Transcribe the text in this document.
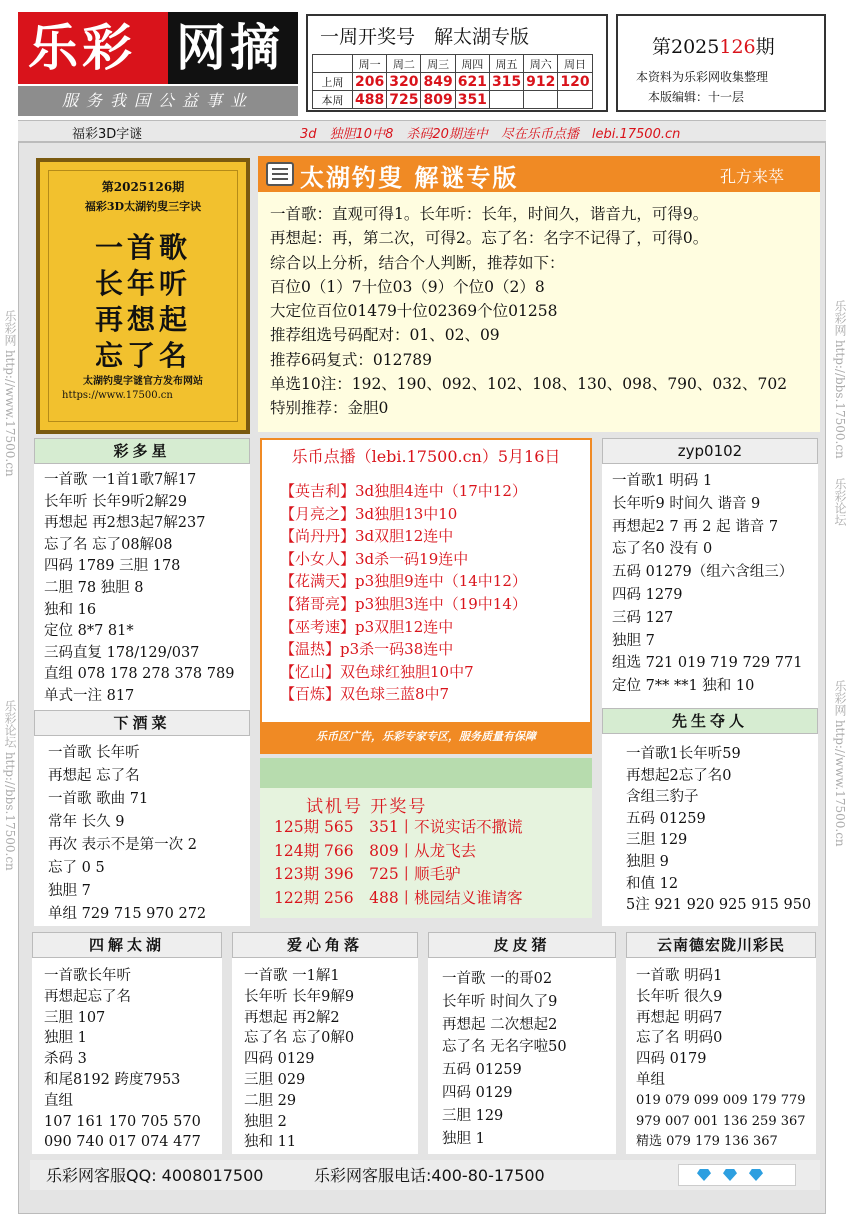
乐彩 网摘
服务我国公益事业
一周开奖号　解太湖专版
	周一	周二	周三	周四	周五	周六	周日
上周	206	320	849	621	315	912	120
本周	488	725	809	351			
第2025126期
本资料为乐彩网收集整理
本版编辑：十一层
福彩3D字谜	3d　独胆10中8　杀码20期连中　尽在乐币点播　lebi.17500.cn
乐彩网 http://www.17500.cn
乐彩论坛 http://bbs.17500.cn
乐彩网 http://bbs.17500.cn
乐彩论坛
乐彩网 http://www.17500.cn
第2025126期
福彩3D太湖钓叟三字诀
一首歌
长年听
再想起
忘了名
太湖钓叟字谜官方发布网站
https://www.17500.cn
太湖钓叟 解谜专版	孔方来萃
一首歌：直观可得1。长年听：长年，时间久，谐音九，可得9。
再想起：再，第二次，可得2。忘了名：名字不记得了，可得0。
综合以上分析，结合个人判断，推荐如下：
百位0（1）7十位03（9）个位0（2）8
大定位百位01479十位02369个位01258
推荐组选号码配对：01、02、09
推荐6码复式：012789
单选10注：192、190、092、102、108、130、098、790、032、702
特别推荐：金胆0
彩多星
一首歌 一1首1歌7解17
长年听 长年9听2解29
再想起 再2想3起7解237
忘了名 忘了08解08
四码 1789 三胆 178
二胆 78 独胆 8
独和 16
定位 8*7 81*
三码直复 178/129/037
直组 078 178 278 378 789
单式一注 817
下酒菜
一首歌 长年听
再想起 忘了名
一首歌 歌曲 71
常年 长久 9
再次 表示不是第一次 2
忘了 0 5
独胆 7
单组 729 715 970 272
zyp0102
一首歌1 明码 1
长年听9 时间久 谐音 9
再想起2 7 再 2 起 谐音 7
忘了名0 没有 0
五码 01279（组六含组三）
四码 1279
三码 127
独胆 7
组选 721 019 719 729 771
定位 7** **1 独和 10
先生夺人
一首歌1长年听59
再想起2忘了名0
含组三豹子
五码 01259
三胆 129
独胆 9
和值 12
5注 921 920 925 915 950
乐币点播（lebi.17500.cn）5月16日
【英吉利】3d独胆4连中（17中12）
【月亮之】3d独胆13中10
【尚丹丹】3d双胆12连中
【小女人】3d杀一码19连中
【花满天】p3独胆9连中（14中12）
【猪哥亮】p3独胆3连中（19中14）
【巫考速】p3双胆12连中
【温热】p3杀一码38连中
【忆山】双色球红独胆10中7
【百炼】双色球三蓝8中7
乐币区广告，乐彩专家专区，服务质量有保障
试机号 开奖号
125期 565　351丨不说实话不撒谎
124期 766　809丨从龙飞去
123期 396　725丨顺毛驴
122期 256　488丨桃园结义谁请客
四解太湖
一首歌长年听
再想起忘了名
三胆 107
独胆 1
杀码 3
和尾8192 跨度7953
直组
107 161 170 705 570
090 740 017 074 477
爱心角落
一首歌 一1解1
长年听 长年9解9
再想起 再2解2
忘了名 忘了0解0
四码 0129
三胆 029
二胆 29
独胆 2
独和 11
皮皮猪
一首歌 一的哥02
长年听 时间久了9
再想起 二次想起2
忘了名 无名字啦50
五码 01259
四码 0129
三胆 129
独胆 1
云南德宏陇川彩民
一首歌 明码1
长年听 很久9
再想起 明码7
忘了名 明码0
四码 0179
单组
019 079 099 009 179 779
979 007 001 136 259 367
精选 079 179 136 367
乐彩网客服QQ: 4008017500	乐彩网客服电话:400-80-17500
